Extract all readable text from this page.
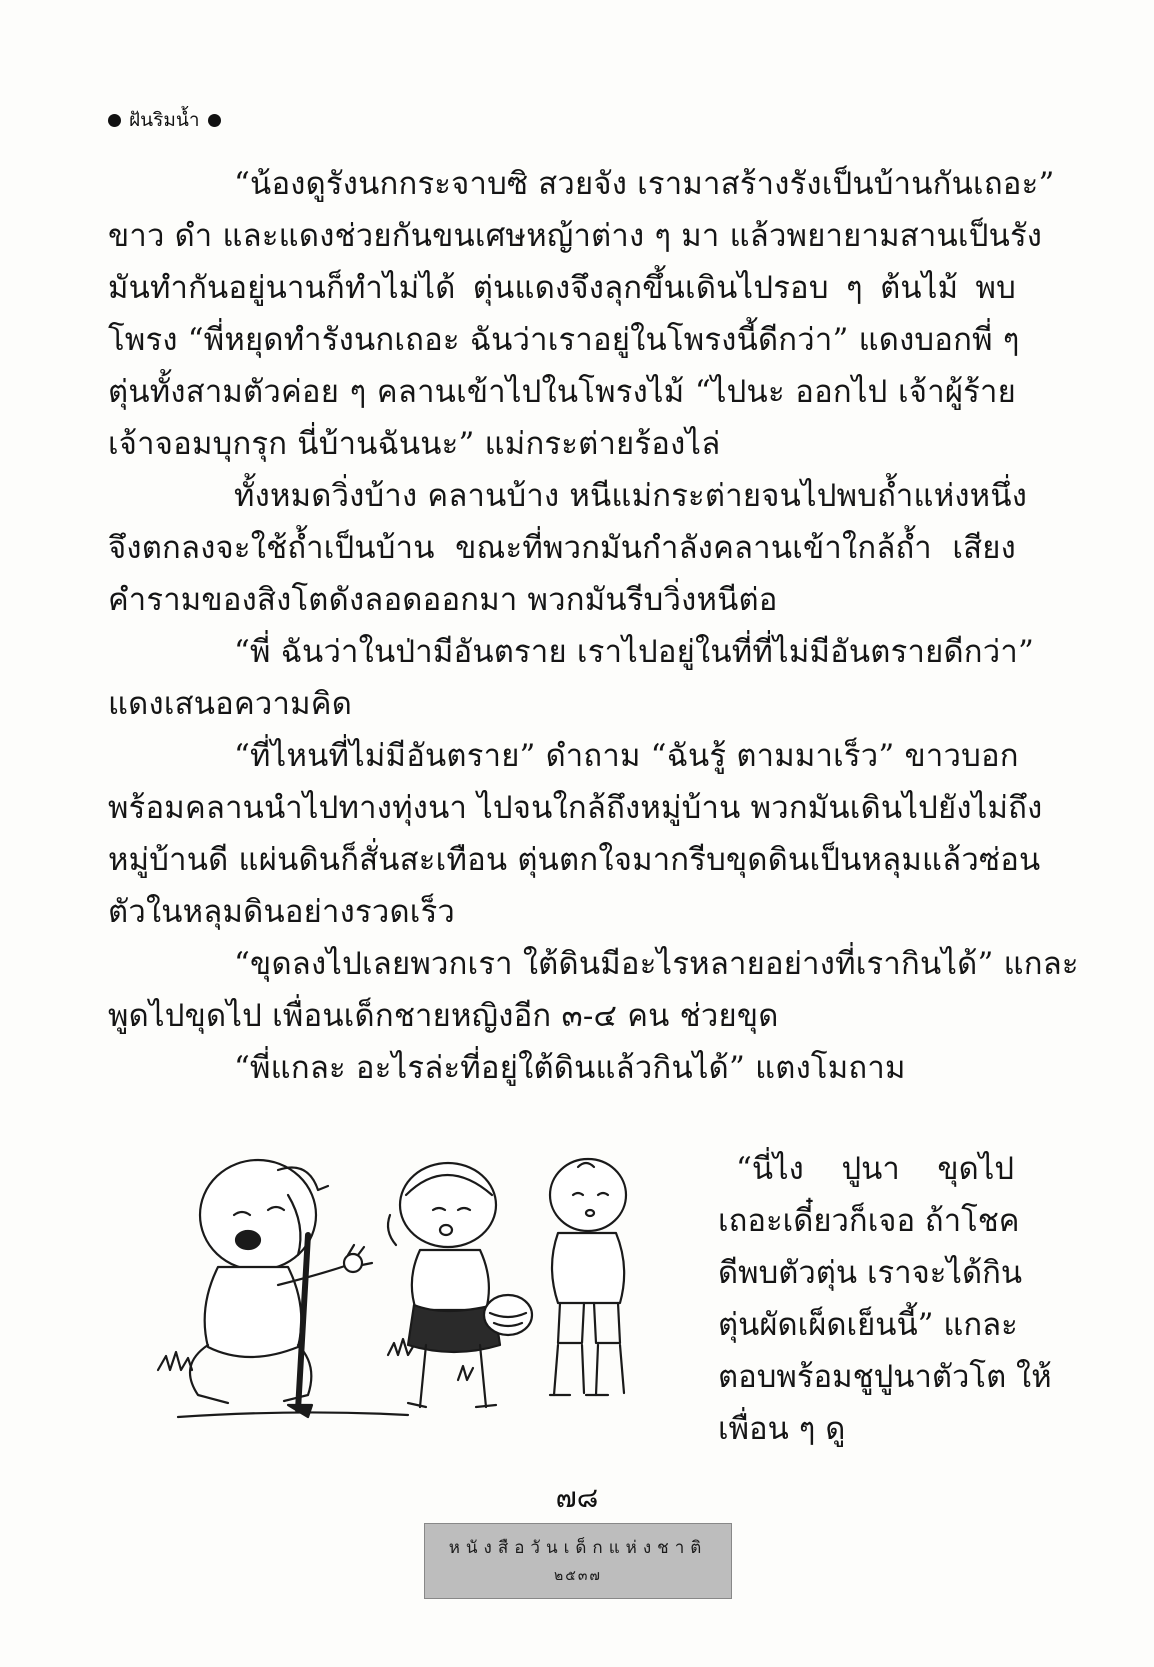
ฝันริมน้ำ
“น้องดูรังนกกระจาบซิ สวยจัง เรามาสร้างรังเป็นบ้านกันเถอะ”
ขาว ดำ และแดงช่วยกันขนเศษหญ้าต่าง ๆ มา แล้วพยายามสานเป็นรัง
มันทำกันอยู่นานก็ทำไม่ได้ ตุ่นแดงจึงลุกขึ้นเดินไปรอบ ๆ ต้นไม้ พบ
โพรง “พี่หยุดทำรังนกเถอะ ฉันว่าเราอยู่ในโพรงนี้ดีกว่า” แดงบอกพี่ ๆ
ตุ่นทั้งสามตัวค่อย ๆ คลานเข้าไปในโพรงไม้ “ไปนะ ออกไป เจ้าผู้ร้าย
เจ้าจอมบุกรุก นี่บ้านฉันนะ” แม่กระต่ายร้องไล่
ทั้งหมดวิ่งบ้าง คลานบ้าง หนีแม่กระต่ายจนไปพบถ้ำแห่งหนึ่ง
จึงตกลงจะใช้ถ้ำเป็นบ้าน ขณะที่พวกมันกำลังคลานเข้าใกล้ถ้ำ เสียง
คำรามของสิงโตดังลอดออกมา พวกมันรีบวิ่งหนีต่อ
“พี่ ฉันว่าในป่ามีอันตราย เราไปอยู่ในที่ที่ไม่มีอันตรายดีกว่า”
แดงเสนอความคิด
“ที่ไหนที่ไม่มีอันตราย” ดำถาม “ฉันรู้ ตามมาเร็ว” ขาวบอก
พร้อมคลานนำไปทางทุ่งนา ไปจนใกล้ถึงหมู่บ้าน พวกมันเดินไปยังไม่ถึง
หมู่บ้านดี แผ่นดินก็สั่นสะเทือน ตุ่นตกใจมากรีบขุดดินเป็นหลุมแล้วซ่อน
ตัวในหลุมดินอย่างรวดเร็ว
“ขุดลงไปเลยพวกเรา ใต้ดินมีอะไรหลายอย่างที่เรากินได้” แกละ
พูดไปขุดไป เพื่อนเด็กชายหญิงอีก ๓-๔ คน ช่วยขุด
“พี่แกละ อะไรล่ะที่อยู่ใต้ดินแล้วกินได้” แตงโมถาม
“นี่ไง ปูนา ขุดไป
เถอะเดี๋ยวก็เจอ ถ้าโชค
ดีพบตัวตุ่น เราจะได้กิน
ตุ่นผัดเผ็ดเย็นนี้” แกละ
ตอบพร้อมชูปูนาตัวโต ให้
เพื่อน ๆ ดู
๗๘
หนังสือวันเด็กแห่งชาติ
๒๕๓๗
